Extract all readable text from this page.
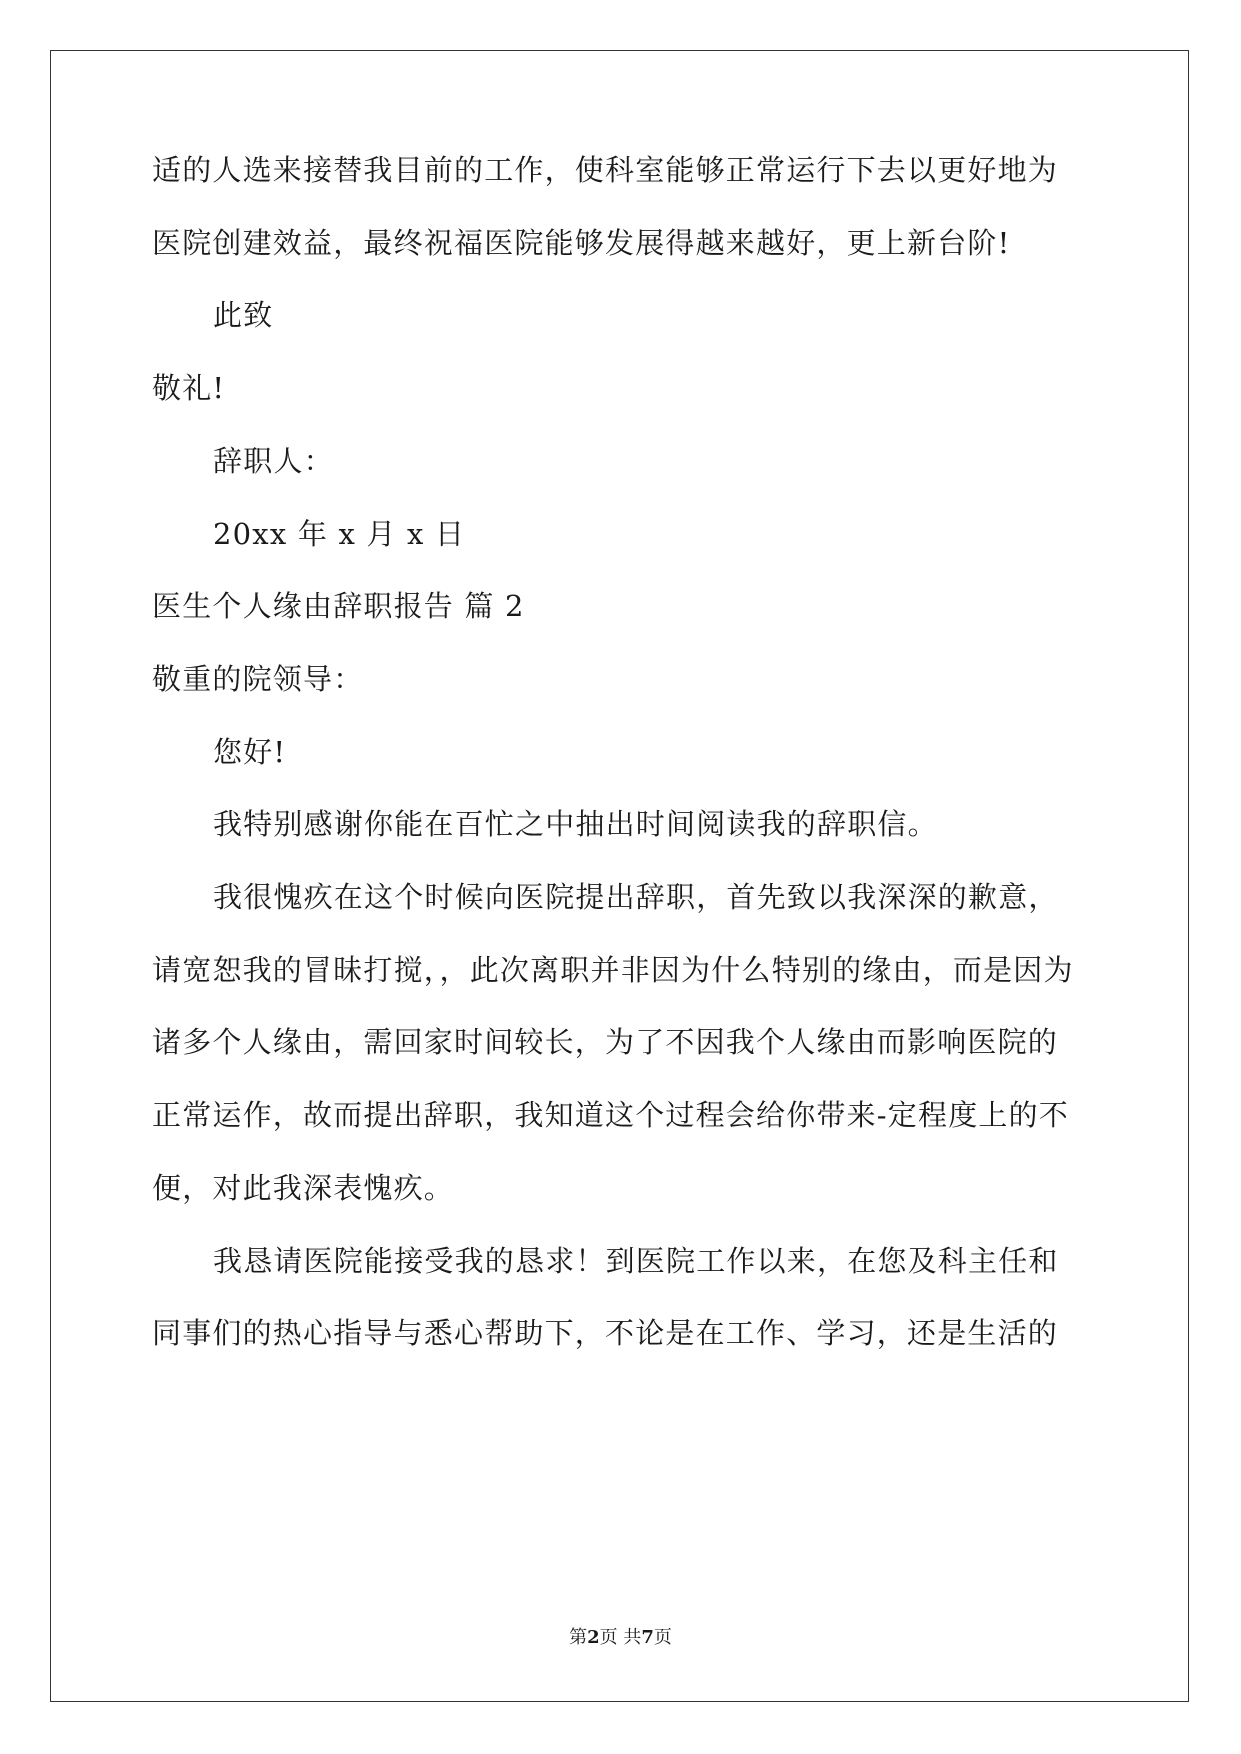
适的人选来接替我目前的工作，使科室能够正常运行下去以更好地为
医院创建效益，最终祝福医院能够发展得越来越好，更上新台阶!
此致
敬礼!
辞职人：
20xx 年 x 月 x 日
医生个人缘由辞职报告 篇 2
敬重的院领导：
您好!
我特别感谢你能在百忙之中抽出时间阅读我的辞职信。
我很愧疚在这个时候向医院提出辞职，首先致以我深深的歉意，
请宽恕我的冒昧打搅，，此次离职并非因为什么特别的缘由，而是因为
诸多个人缘由，需回家时间较长，为了不因我个人缘由而影响医院的
正常运作，故而提出辞职，我知道这个过程会给你带来-定程度上的不
便，对此我深表愧疚。
我恳请医院能接受我的恳求！到医院工作以来，在您及科主任和
同事们的热心指导与悉心帮助下，不论是在工作、学习，还是生活的
第2页 共7页
